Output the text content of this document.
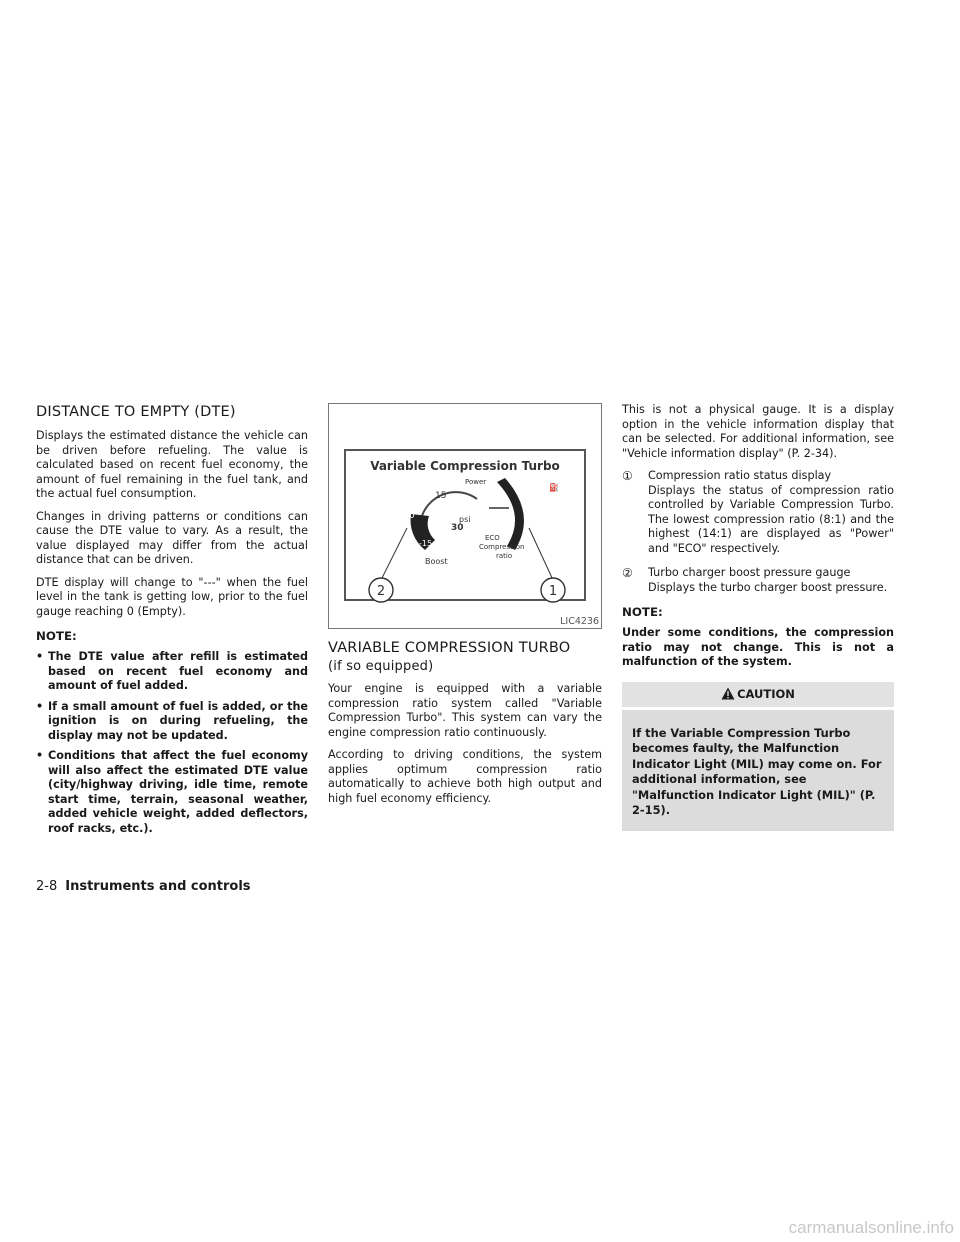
DISTANCE TO EMPTY (DTE)

Displays the estimated distance the vehicle can be driven before refueling. The value is calculated based on recent fuel economy, the amount of fuel remaining in the fuel tank, and the actual fuel consumption.

Changes in driving patterns or conditions can cause the DTE value to vary. As a result, the value displayed may differ from the actual distance that can be driven.

DTE display will change to "---" when the fuel level in the tank is getting low, prior to the fuel gauge reaching 0 (Empty).

NOTE:
• The DTE value after refill is estimated based on recent fuel economy and amount of fuel added.
• If a small amount of fuel is added, or the ignition is on during refueling, the display may not be updated.
• Conditions that affect the fuel economy will also affect the estimated DTE value (city/highway driving, idle time, remote start time, terrain, seasonal weather, added vehicle weight, added deflectors, roof racks, etc.).
Variable Compression Turbo
15
30
psi
0
-15
Boost
Power
ECO
Compression
ratio
⛽
2	1
LIC4236
VARIABLE COMPRESSION TURBO
(if so equipped)

Your engine is equipped with a variable compression ratio system called "Variable Compression Turbo". This system can vary the engine compression ratio continuously.

According to driving conditions, the system applies optimum compression ratio automatically to achieve both high output and high fuel economy efficiency.

This is not a physical gauge. It is a display option in the vehicle information display that can be selected. For additional information, see "Vehicle information display" (P. 2-34).

① Compression ratio status display
Displays the status of compression ratio controlled by Variable Compression Turbo. The lowest compression ratio (8:1) and the highest (14:1) are displayed as "Power" and "ECO" respectively.
② Turbo charger boost pressure gauge
Displays the turbo charger boost pressure.
NOTE:

Under some conditions, the compression ratio may not change. This is not a malfunction of the system.

CAUTION
If the Variable Compression Turbo becomes faulty, the Malfunction Indicator Light (MIL) may come on. For additional information, see "Malfunction Indicator Light (MIL)" (P. 2-15).
2-8 Instruments and controls
carmanualsonline.info
